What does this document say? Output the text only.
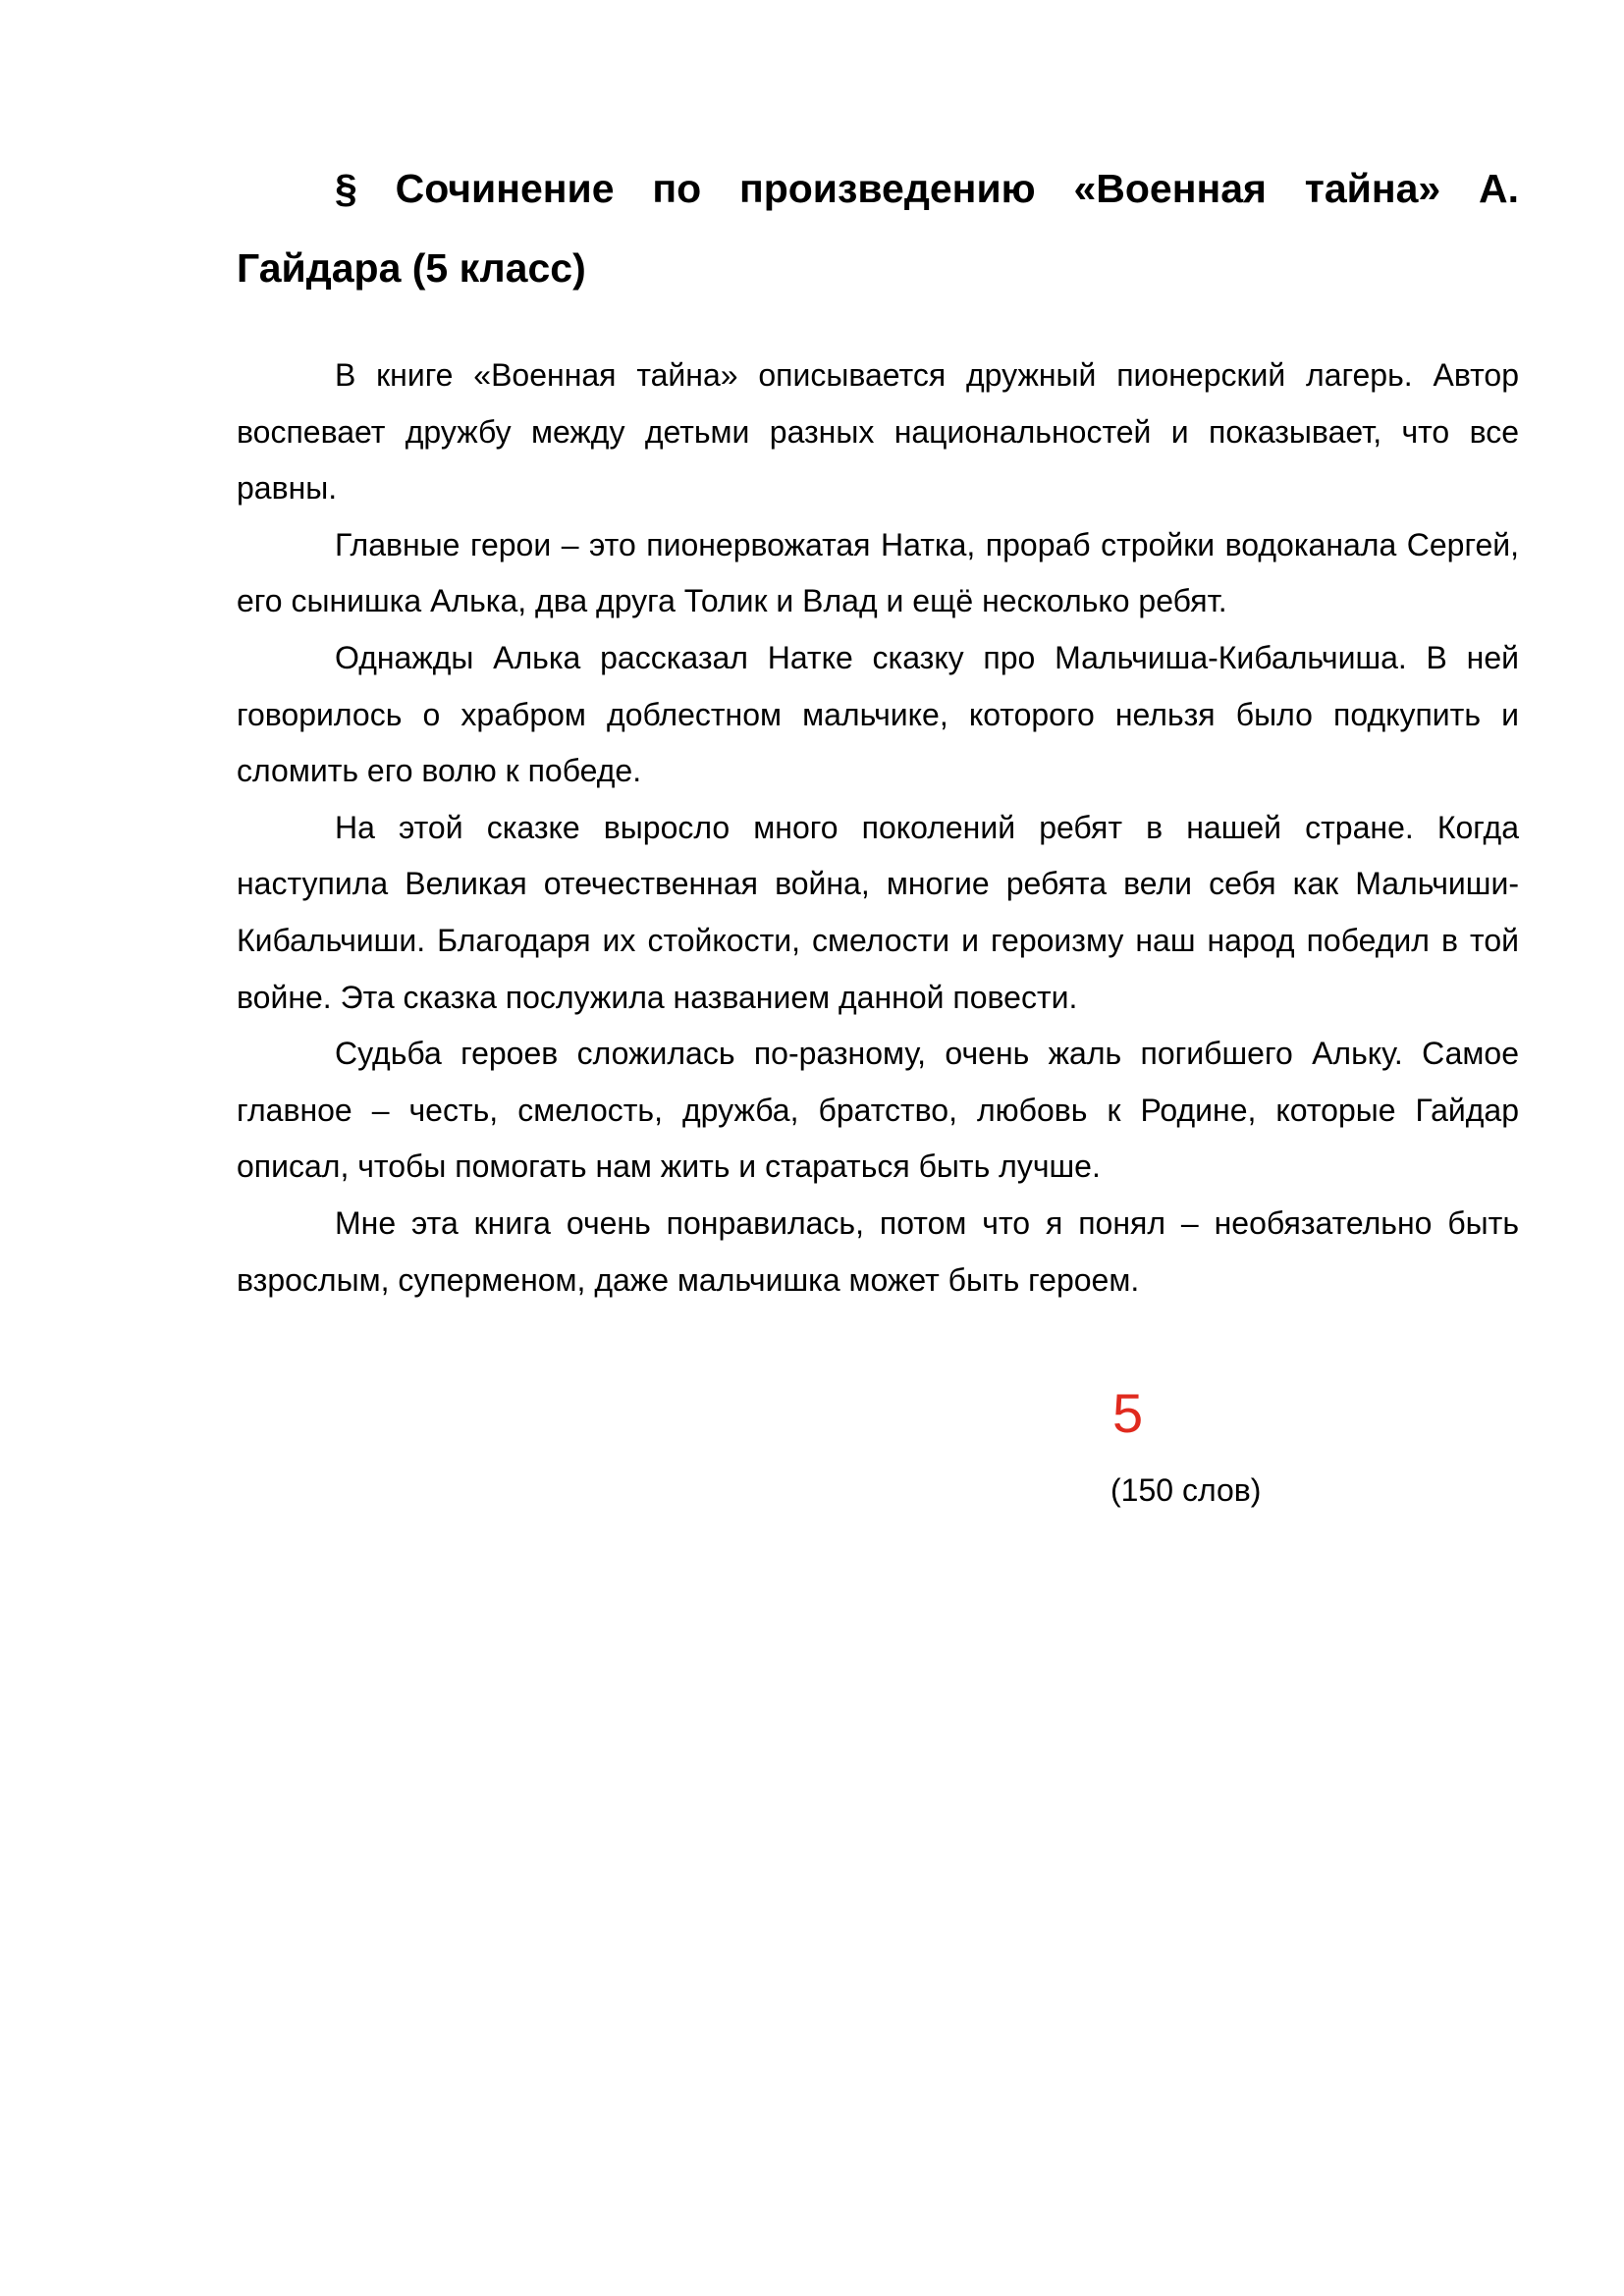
§ Сочинение по произведению «Военная тайна» А. Гайдара (5 класс)

В книге «Военная тайна» описывается дружный пионерский лагерь. Автор воспевает дружбу между детьми разных национальностей и показывает, что все равны.

Главные герои – это пионервожатая Натка, прораб стройки водоканала Сергей, его сынишка Алька, два друга Толик и Влад и ещё несколько ребят.

Однажды Алька рассказал Натке сказку про Мальчиша-Кибальчиша. В ней говорилось о храбром доблестном мальчике, которого нельзя было подкупить и сломить его волю к победе.

На этой сказке выросло много поколений ребят в нашей стране. Когда наступила Великая отечественная война, многие ребята вели себя как Мальчиши-Кибальчиши. Благодаря их стойкости, смелости и героизму наш народ победил в той войне. Эта сказка послужила названием данной повести.

Судьба героев сложилась по-разному, очень жаль погибшего Альку. Самое главное – честь, смелость, дружба, братство, любовь к Родине, которые Гайдар описал, чтобы помогать нам жить и стараться быть лучше.

Мне эта книга очень понравилась, потом что я понял – необязательно быть взрослым, суперменом, даже мальчишка может быть героем.

5
(150 слов)
